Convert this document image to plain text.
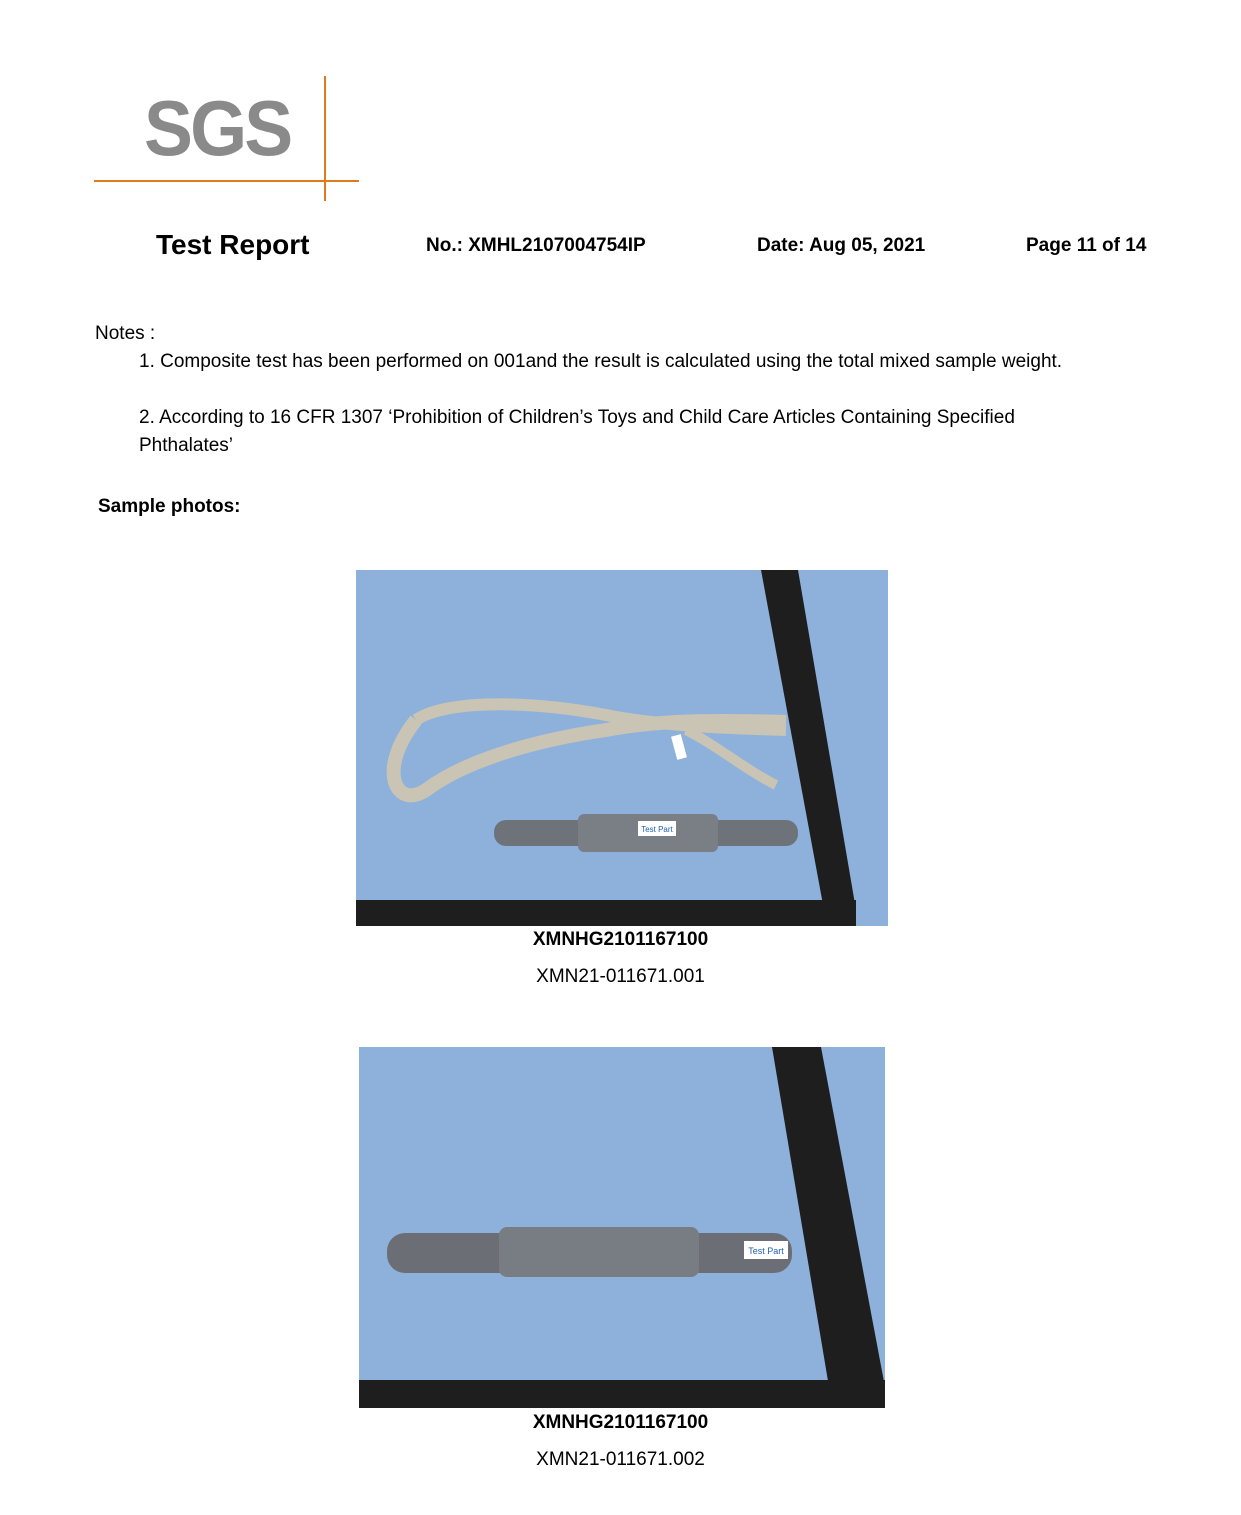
SGS
Test Report	No.: XMHL2107004754IP	Date: Aug 05, 2021	Page 11 of 14
Notes :
1. Composite test has been performed on 001and the result is calculated using the total mixed sample weight.
2. According to 16 CFR 1307 ‘Prohibition of Children’s Toys and Child Care Articles Containing Specified Phthalates’
Sample photos:
Test Part
XMNHG2101167100
XMN21-011671.001
Test Part
XMNHG2101167100
XMN21-011671.002
